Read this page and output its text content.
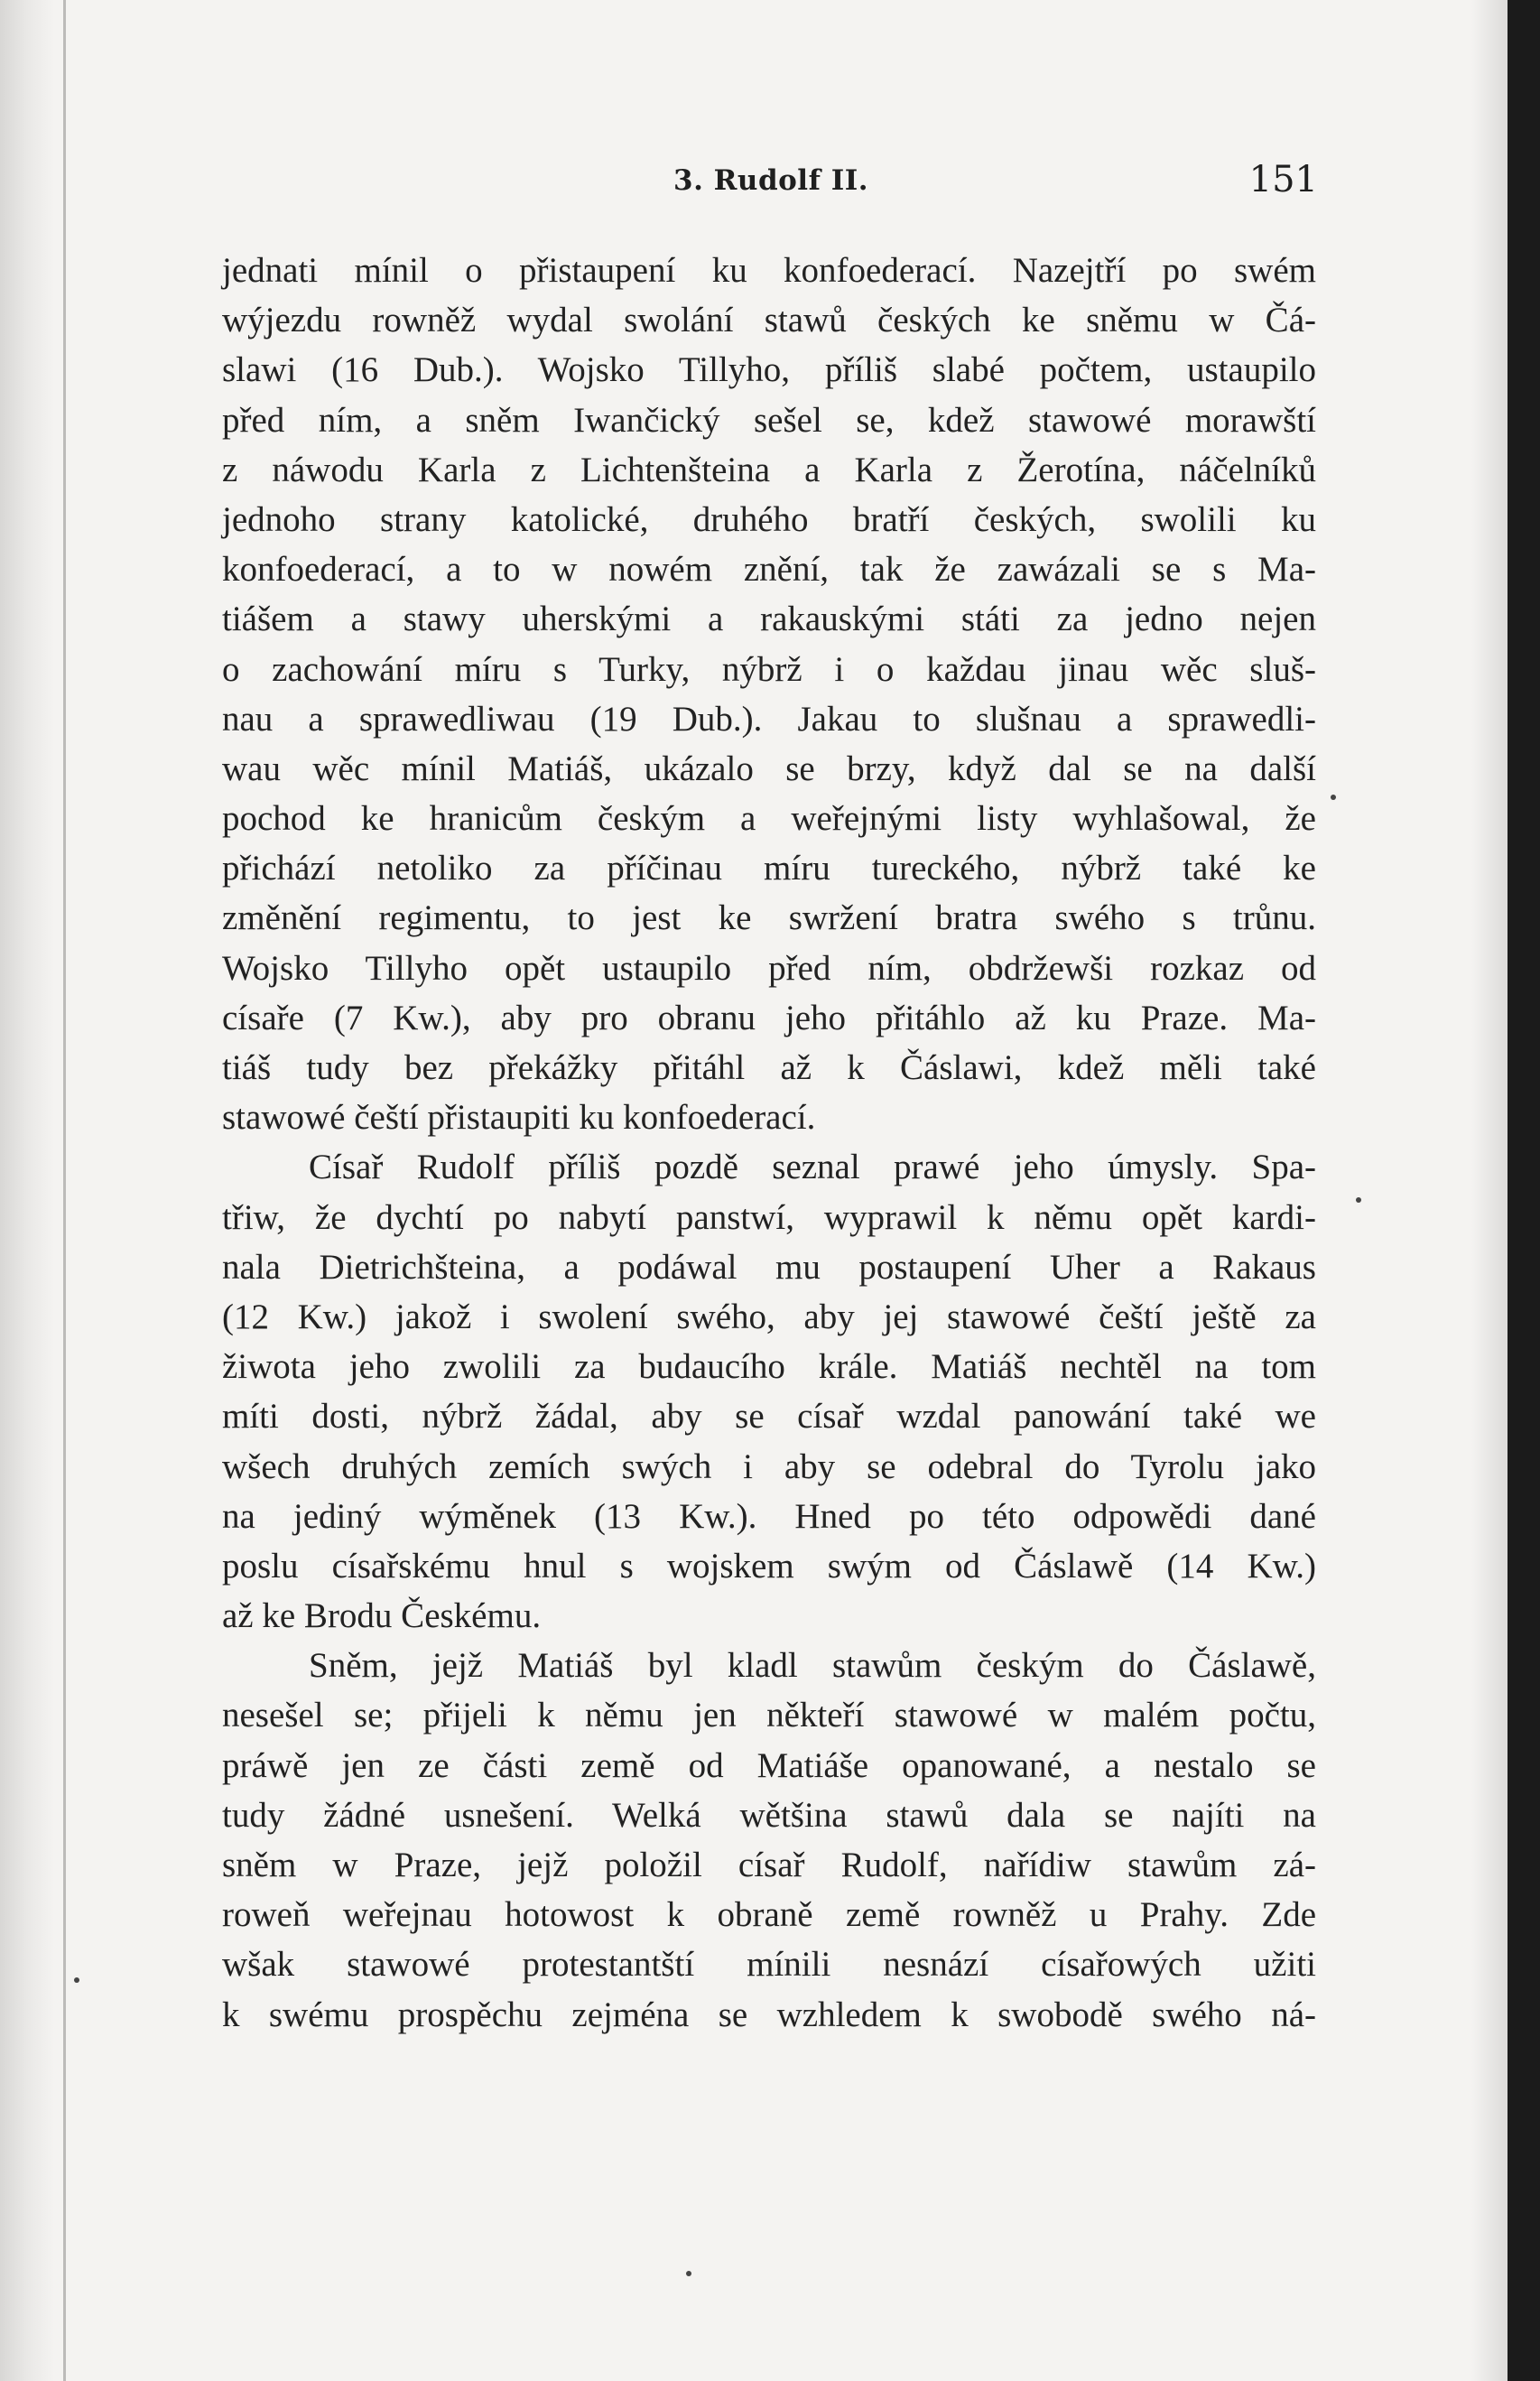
3. Rudolf II.	151
jednati mínil o přistaupení ku konfoederací. Nazejtří po swém
wýjezdu rowněž wydal swolání stawů českých ke sněmu w Čá-
slawi (16 Dub.). Wojsko Tillyho, příliš slabé počtem, ustaupilo
před ním, a sněm Iwančický sešel se, kdež stawowé morawští
z náwodu Karla z Lichtenšteina a Karla z Žerotína, náčelníků
jednoho strany katolické, druhého bratří českých, swolili ku
konfoederací, a to w nowém znění, tak že zawázali se s Ma-
tiášem a stawy uherskými a rakauskými státi za jedno nejen
o zachowání míru s Turky, nýbrž i o každau jinau wěc sluš-
nau a sprawedliwau (19 Dub.). Jakau to slušnau a sprawedli-
wau wěc mínil Matiáš, ukázalo se brzy, když dal se na další
pochod ke hranicům českým a weřejnými listy wyhlašowal, že
přichází netoliko za příčinau míru tureckého, nýbrž také ke
změnění regimentu, to jest ke swržení bratra swého s trůnu.
Wojsko Tillyho opět ustaupilo před ním, obdržewši rozkaz od
císaře (7 Kw.), aby pro obranu jeho přitáhlo až ku Praze. Ma-
tiáš tudy bez překážky přitáhl až k Čáslawi, kdež měli také
stawowé čeští přistaupiti ku konfoederací.
Císař Rudolf příliš pozdě seznal prawé jeho úmysly. Spa-
třiw, že dychtí po nabytí panstwí, wyprawil k němu opět kardi-
nala Dietrichšteina, a podáwal mu postaupení Uher a Rakaus
(12 Kw.) jakož i swolení swého, aby jej stawowé čeští ještě za
žiwota jeho zwolili za budaucího krále. Matiáš nechtěl na tom
míti dosti, nýbrž žádal, aby se císař wzdal panowání také we
wšech druhých zemích swých i aby se odebral do Tyrolu jako
na jediný wýměnek (13 Kw.). Hned po této odpowědi dané
poslu císařskému hnul s wojskem swým od Čáslawě (14 Kw.)
až ke Brodu Českému.
Sněm, jejž Matiáš byl kladl stawům českým do Čáslawě,
nesešel se; přijeli k němu jen někteří stawowé w malém počtu,
práwě jen ze části země od Matiáše opanowané, a nestalo se
tudy žádné usnešení. Welká wětšina stawů dala se najíti na
sněm w Praze, jejž položil císař Rudolf, nařídiw stawům zá-
roweň weřejnau hotowost k obraně země rowněž u Prahy. Zde
wšak stawowé protestantští mínili nesnází císařowých užiti
k swému prospěchu zejména se wzhledem k swobodě swého ná-
